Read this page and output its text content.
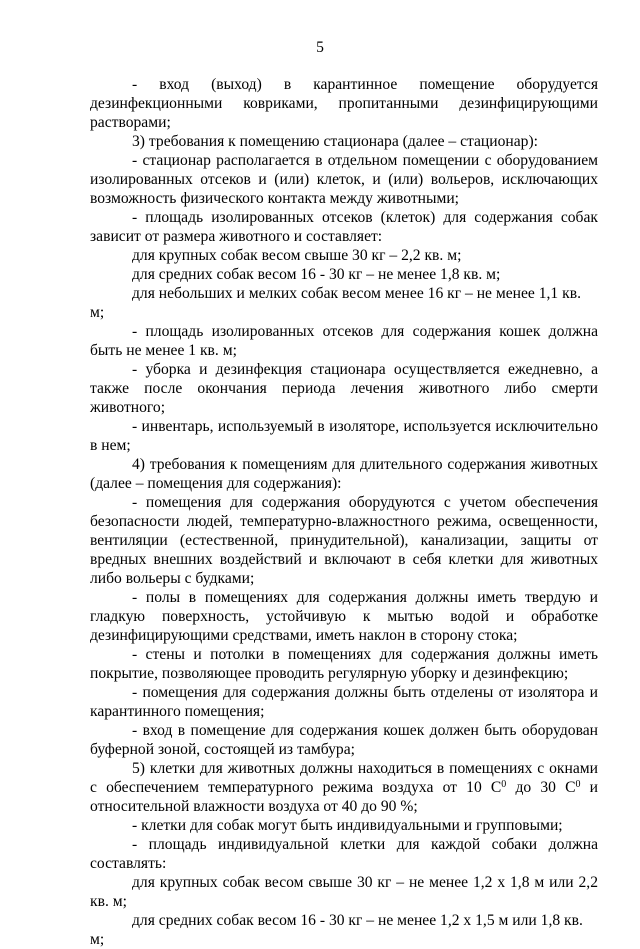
5

- вход (выход) в карантинное помещение оборудуется дезинфекционными ковриками, пропитанными дезинфицирующими растворами;

3) требования к помещению стационара (далее – стационар):

- стационар располагается в отдельном помещении с оборудованием изолированных отсеков и (или) клеток, и (или) вольеров, исключающих возможность физического контакта между животными;

- площадь изолированных отсеков (клеток) для содержания собак зависит от размера животного и составляет:

для крупных собак весом свыше 30 кг – 2,2 кв. м;

для средних собак весом 16 - 30 кг – не менее 1,8 кв. м;

для небольших и мелких собак весом менее 16 кг – не менее 1,1 кв. м;

- площадь изолированных отсеков для содержания кошек должна быть не менее 1 кв. м;

- уборка и дезинфекция стационара осуществляется ежедневно, а также после окончания периода лечения животного либо смерти животного;

- инвентарь, используемый в изоляторе, используется исключительно в нем;

4) требования к помещениям для длительного содержания животных (далее – помещения для содержания):

- помещения для содержания оборудуются с учетом обеспечения безопасности людей, температурно-влажностного режима, освещенности, вентиляции (естественной, принудительной), канализации, защиты от вредных внешних воздействий и включают в себя клетки для животных либо вольеры с будками;

- полы в помещениях для содержания должны иметь твердую и гладкую поверхность, устойчивую к мытью водой и обработке дезинфицирующими средствами, иметь наклон в сторону стока;

- стены и потолки в помещениях для содержания должны иметь покрытие, позволяющее проводить регулярную уборку и дезинфекцию;

- помещения для содержания должны быть отделены от изолятора и карантинного помещения;

- вход в помещение для содержания кошек должен быть оборудован буферной зоной, состоящей из тамбура;

5) клетки для животных должны находиться в помещениях с окнами с обеспечением температурного режима воздуха от 10 $С^0$ до 30 $С^0$ и относительной влажности воздуха от 40 до 90 %;

- клетки для собак могут быть индивидуальными и групповыми;

- площадь индивидуальной клетки для каждой собаки должна составлять:

для крупных собак весом свыше 30 кг – не менее 1,2 х 1,8 м или 2,2 кв. м;

для средних собак весом 16 - 30 кг – не менее 1,2 х 1,5 м или 1,8 кв. м;
